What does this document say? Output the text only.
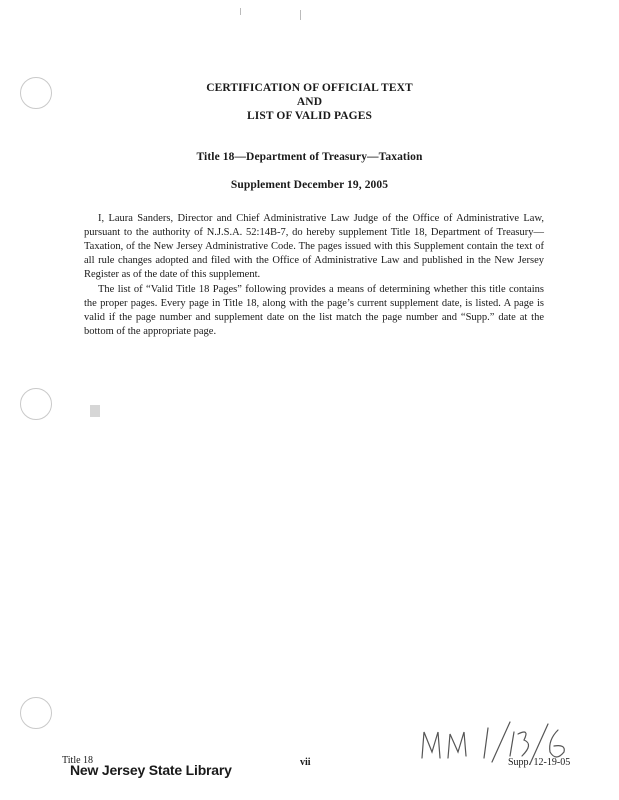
CERTIFICATION OF OFFICIAL TEXT
AND
LIST OF VALID PAGES
Title 18—Department of Treasury—Taxation
Supplement December 19, 2005
I, Laura Sanders, Director and Chief Administrative Law Judge of the Office of Administrative Law, pursuant to the authority of N.J.S.A. 52:14B-7, do hereby supplement Title 18, Department of Treasury—Taxation, of the New Jersey Administrative Code. The pages issued with this Supplement contain the text of all rule changes adopted and filed with the Office of Administrative Law and published in the New Jersey Register as of the date of this supplement.
The list of “Valid Title 18 Pages” following provides a means of determining whether this title contains the proper pages. Every page in Title 18, along with the page’s current supplement date, is listed. A page is valid if the page number and supplement date on the list match the page number and “Supp.” date at the bottom of the appropriate page.
Title 18
New Jersey State Library	vii	Supp. 12-19-05
